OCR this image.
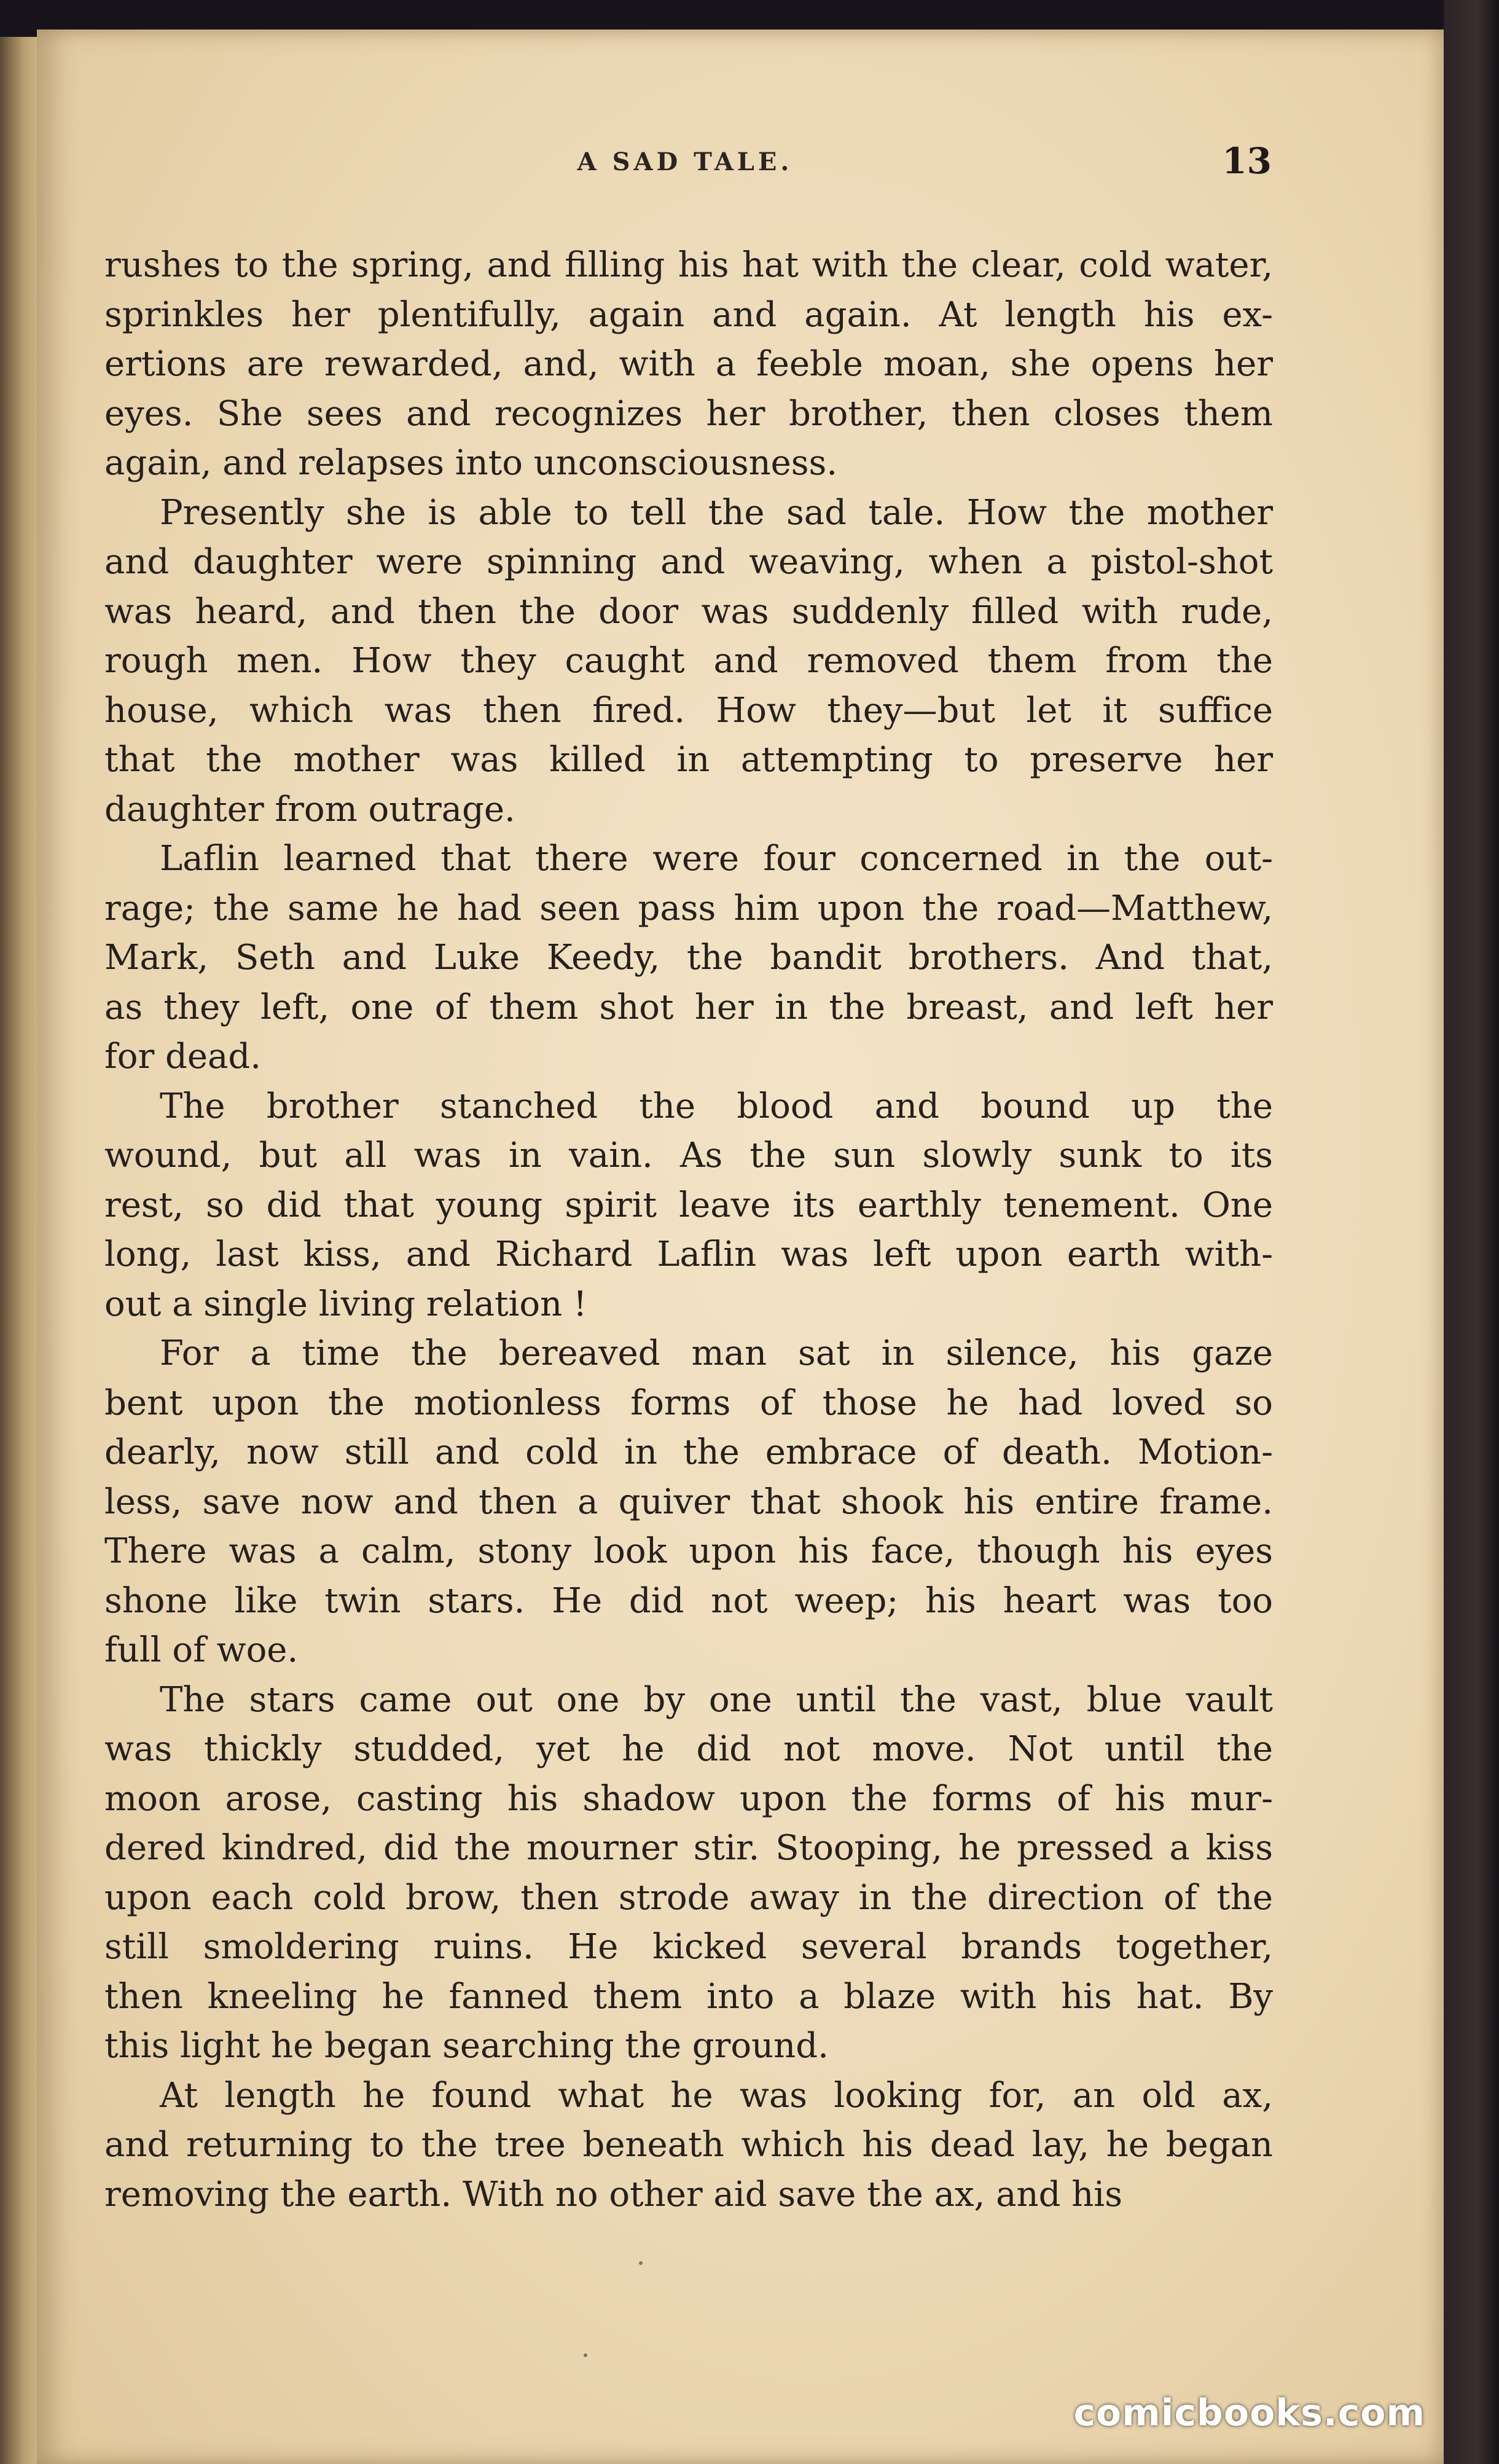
A SAD TALE.	13
rushes to the spring, and filling his hat with the clear, cold water,
sprinkles her plentifully, again and again. At length his ex-
ertions are rewarded, and, with a feeble moan, she opens her
eyes. She sees and recognizes her brother, then closes them
again, and relapses into unconsciousness.
Presently she is able to tell the sad tale. How the mother
and daughter were spinning and weaving, when a pistol-shot
was heard, and then the door was suddenly filled with rude,
rough men. How they caught and removed them from the
house, which was then fired. How they—but let it suffice
that the mother was killed in attempting to preserve her
daughter from outrage.
Laflin learned that there were four concerned in the out-
rage; the same he had seen pass him upon the road—Matthew,
Mark, Seth and Luke Keedy, the bandit brothers. And that,
as they left, one of them shot her in the breast, and left her
for dead.
The brother stanched the blood and bound up the
wound, but all was in vain. As the sun slowly sunk to its
rest, so did that young spirit leave its earthly tenement. One
long, last kiss, and Richard Laflin was left upon earth with-
out a single living relation !
For a time the bereaved man sat in silence, his gaze
bent upon the motionless forms of those he had loved so
dearly, now still and cold in the embrace of death. Motion-
less, save now and then a quiver that shook his entire frame.
There was a calm, stony look upon his face, though his eyes
shone like twin stars. He did not weep; his heart was too
full of woe.
The stars came out one by one until the vast, blue vault
was thickly studded, yet he did not move. Not until the
moon arose, casting his shadow upon the forms of his mur-
dered kindred, did the mourner stir. Stooping, he pressed a kiss
upon each cold brow, then strode away in the direction of the
still smoldering ruins. He kicked several brands together,
then kneeling he fanned them into a blaze with his hat. By
this light he began searching the ground.
At length he found what he was looking for, an old ax,
and returning to the tree beneath which his dead lay, he began
removing the earth. With no other aid save the ax, and his
comicbooks.com
